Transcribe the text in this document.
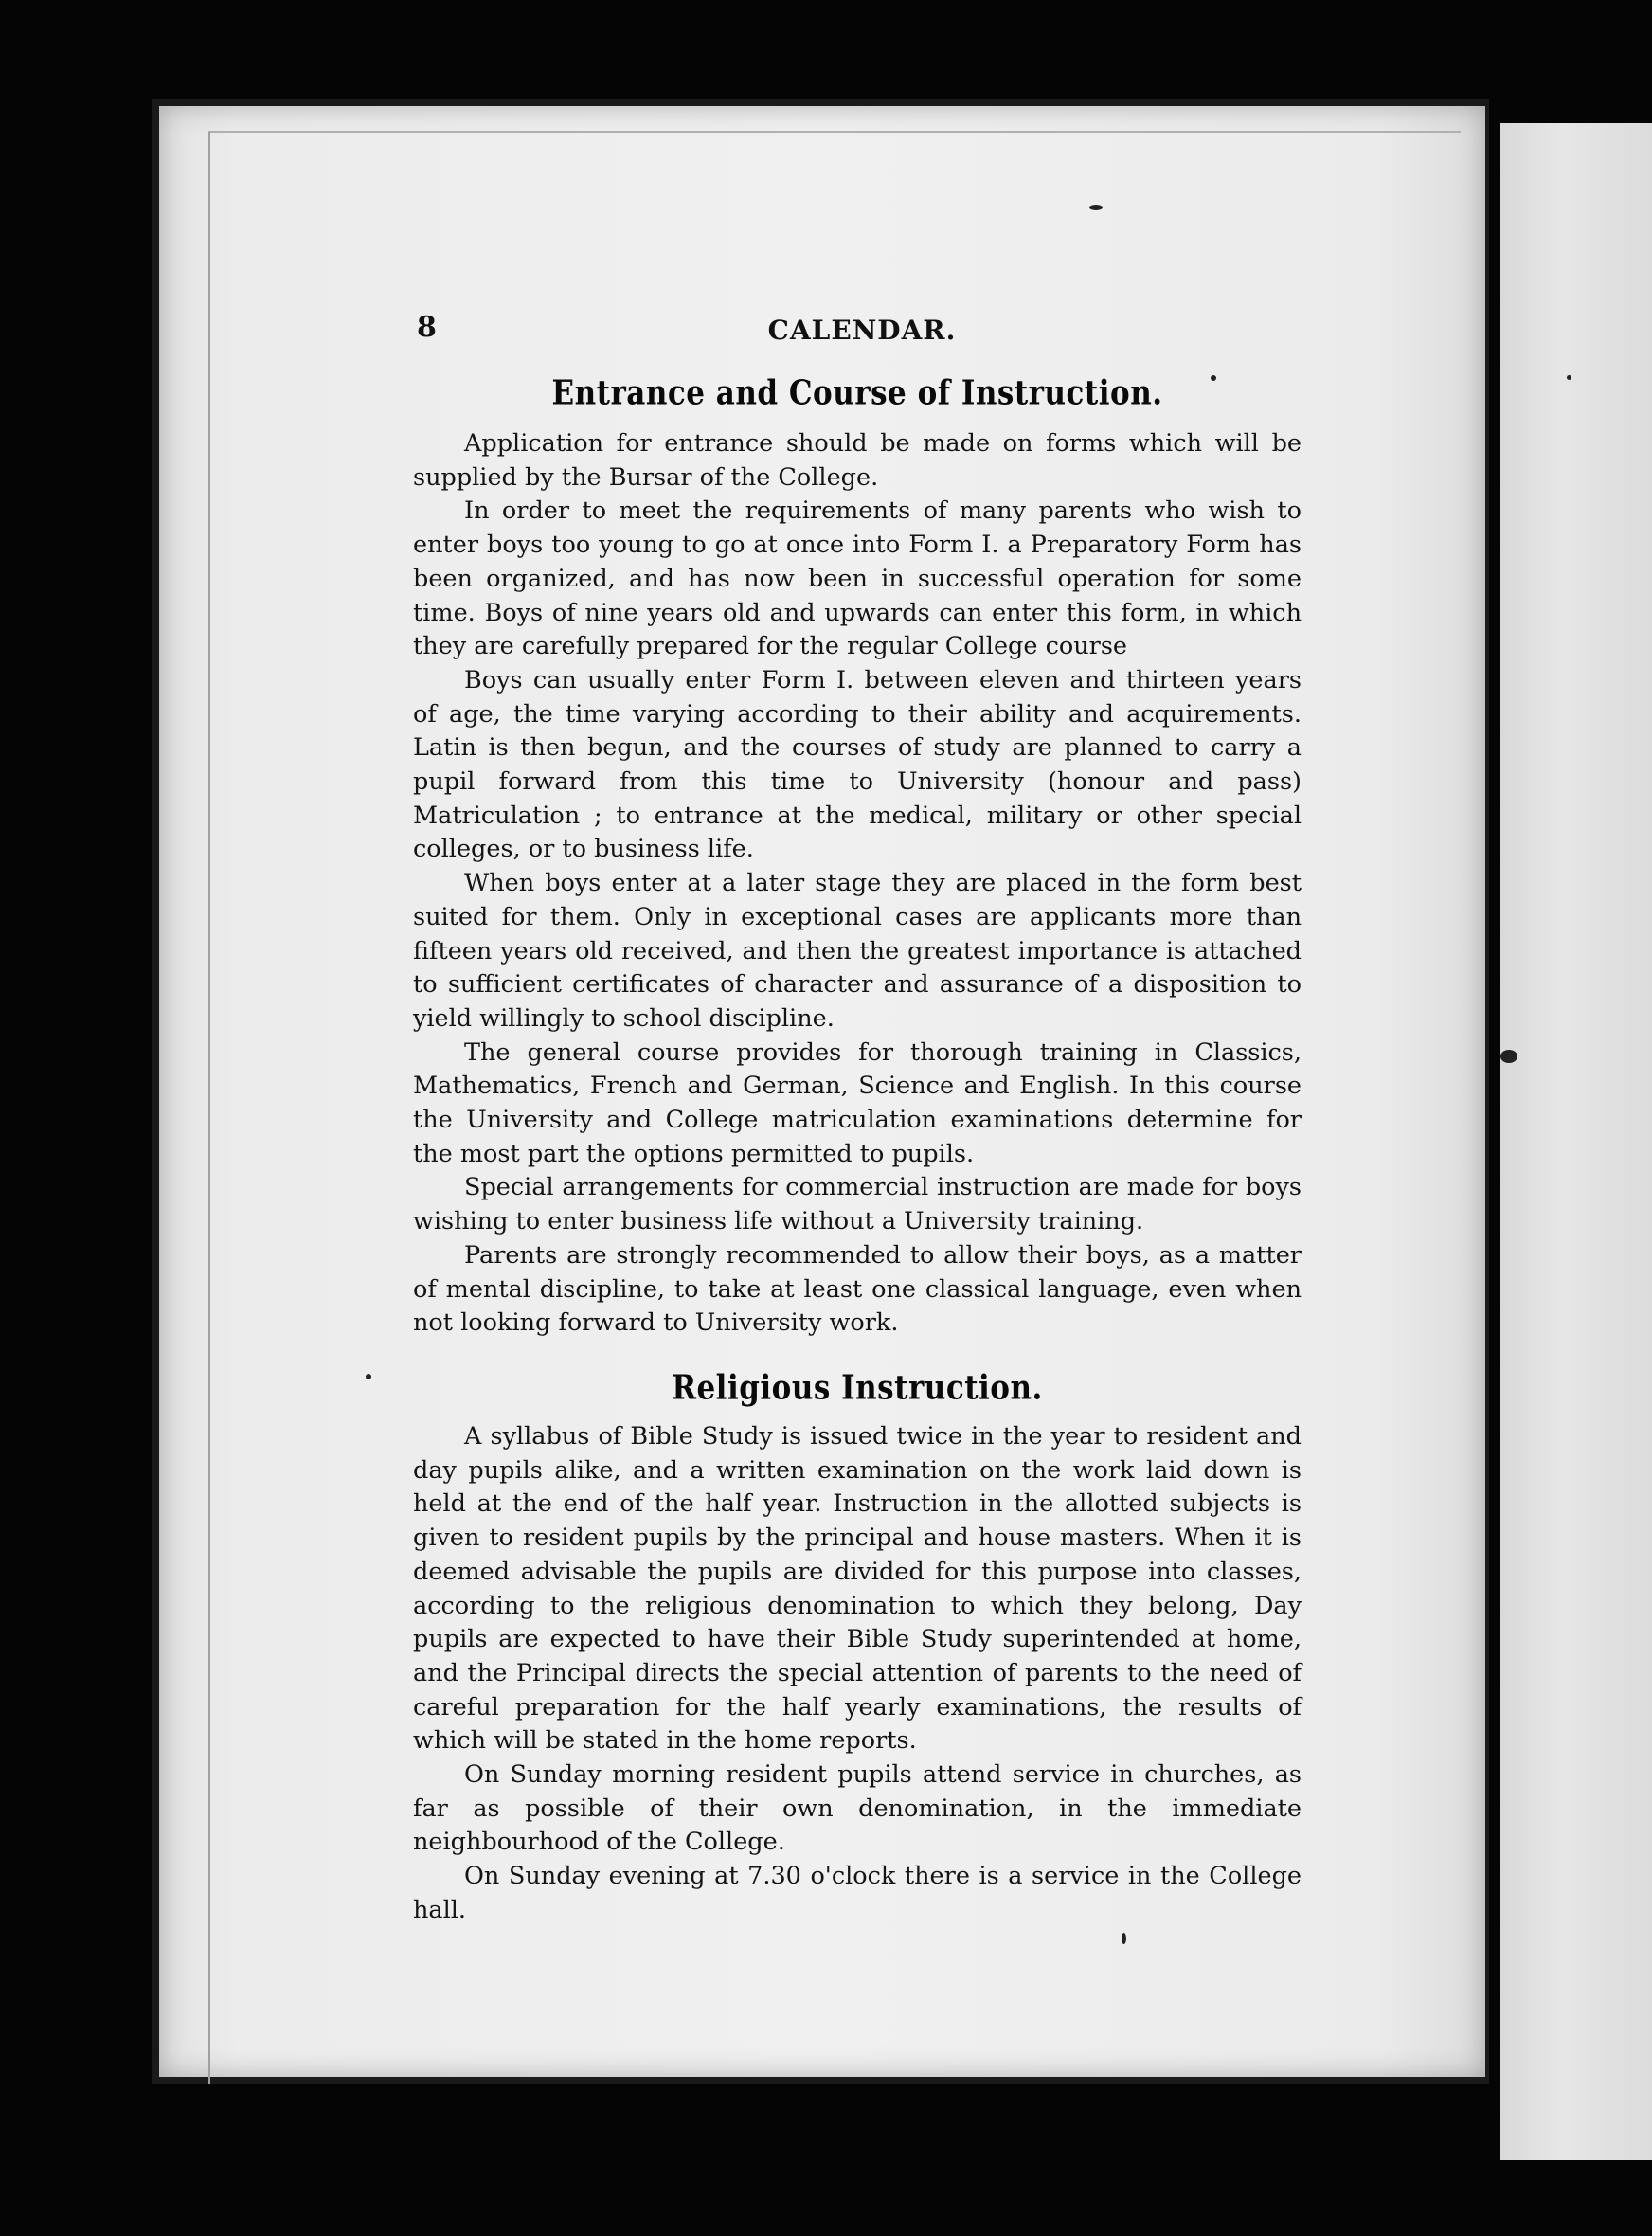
8	CALENDAR.
Entrance and Course of Instruction.

Application for entrance should be made on forms which will be supplied by the Bursar of the College.

In order to meet the requirements of many parents who wish to enter boys too young to go at once into Form I. a Preparatory Form has been organized, and has now been in successful operation for some time. Boys of nine years old and upwards can enter this form, in which they are carefully prepared for the regular College course

Boys can usually enter Form I. between eleven and thirteen years of age, the time varying according to their ability and acquirements. Latin is then begun, and the courses of study are planned to carry a pupil forward from this time to University (honour and pass) Matriculation ; to entrance at the medical, military or other special colleges, or to business life.

When boys enter at a later stage they are placed in the form best suited for them. Only in exceptional cases are applicants more than fifteen years old received, and then the greatest importance is attached to sufficient certificates of character and assurance of a disposition to yield willingly to school discipline.

The general course provides for thorough training in Classics, Mathematics, French and German, Science and English. In this course the University and College matriculation examinations determine for the most part the options permitted to pupils.

Special arrangements for commercial instruction are made for boys wishing to enter business life without a University training.

Parents are strongly recommended to allow their boys, as a matter of mental discipline, to take at least one classical language, even when not looking forward to University work.

Religious Instruction.

A syllabus of Bible Study is issued twice in the year to resident and day pupils alike, and a written examination on the work laid down is held at the end of the half year. Instruction in the allotted subjects is given to resident pupils by the principal and house masters. When it is deemed advisable the pupils are divided for this purpose into classes, according to the religious denomination to which they belong, Day pupils are expected to have their Bible Study superintended at home, and the Principal directs the special attention of parents to the need of careful preparation for the half yearly examinations, the results of which will be stated in the home reports.

On Sunday morning resident pupils attend service in churches, as far as possible of their own denomination, in the immediate neighbourhood of the College.

On Sunday evening at 7.30 o'clock there is a service in the College hall.
